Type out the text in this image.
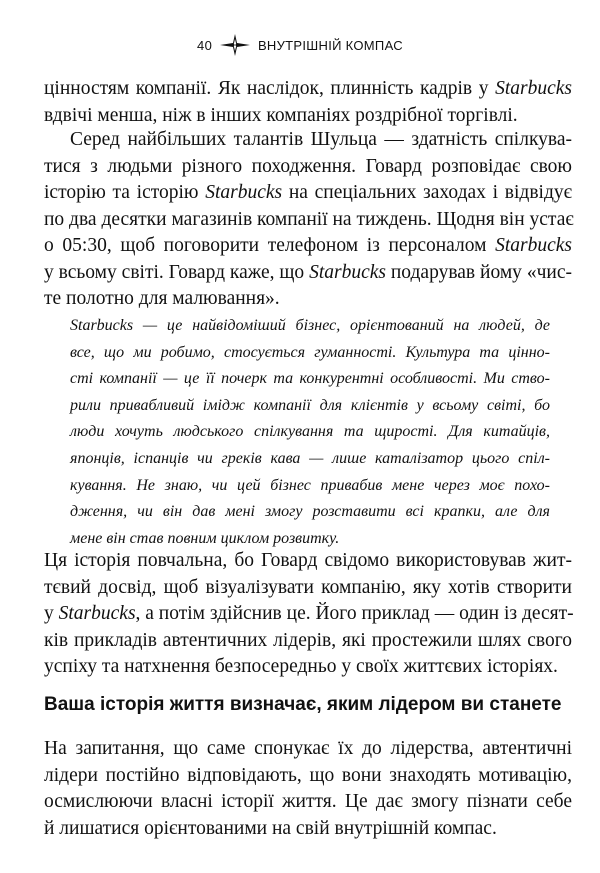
40	ВНУТРІШНІЙ КОМПАС
цінностям компанії. Як наслідок, плинність кадрів у Starbucks
вдвічі менша, ніж в інших компаніях роздрібної торгівлі.
Серед найбільших талантів Шульца — здатність спілкува-
тися з людьми різного походження. Говард розповідає свою
історію та історію Starbucks на спеціальних заходах і відвідує
по два десятки магазинів компанії на тиждень. Щодня він устає
о 05:30, щоб поговорити телефоном із персоналом Starbucks
у всьому світі. Говард каже, що Starbucks подарував йому «чис-
те полотно для малювання».
Starbucks — це найвідоміший бізнес, орієнтований на людей, де
все, що ми робимо, стосується гуманності. Культура та цінно-
сті компанії — це її почерк та конкурентні особливості. Ми ство-
рили привабливий імідж компанії для клієнтів у всьому світі, бо
люди хочуть людського спілкування та щирості. Для китайців,
японців, іспанців чи греків кава — лише каталізатор цього спіл-
кування. Не знаю, чи цей бізнес привабив мене через моє похо-
дження, чи він дав мені змогу розставити всі крапки, але для
мене він став повним циклом розвитку.
Ця історія повчальна, бо Говард свідомо використовував жит-
тєвий досвід, щоб візуалізувати компанію, яку хотів створити
у Starbucks, а потім здійснив це. Його приклад — один із десят-
ків прикладів автентичних лідерів, які простежили шлях свого
успіху та натхнення безпосередньо у своїх життєвих історіях.
Ваша історія життя визначає, яким лідером ви станете
На запитання, що саме спонукає їх до лідерства, автентичні
лідери постійно відповідають, що вони знаходять мотивацію,
осмислюючи власні історії життя. Це дає змогу пізнати себе
й лишатися орієнтованими на свій внутрішній компас.
